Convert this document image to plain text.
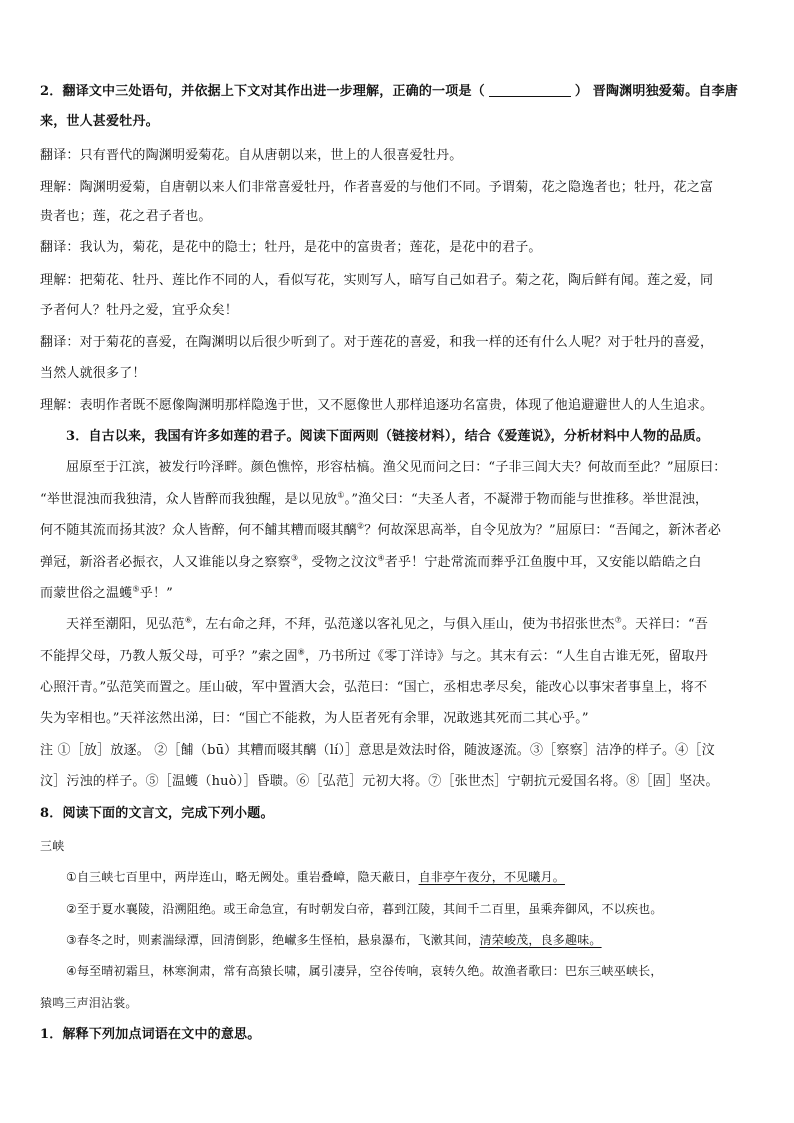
2．翻译文中三处语句，并依据上下文对其作出进一步理解，正确的一项是（	） 晋陶渊明独爱菊。自李唐
来，世人甚爱牡丹。
翻译：只有晋代的陶渊明爱菊花。自从唐朝以来，世上的人很喜爱牡丹。
理解：陶渊明爱菊，自唐朝以来人们非常喜爱牡丹，作者喜爱的与他们不同。予谓菊，花之隐逸者也；牡丹，花之富
贵者也；莲，花之君子者也。
翻译：我认为，菊花，是花中的隐士；牡丹，是花中的富贵者；莲花，是花中的君子。
理解：把菊花、牡丹、莲比作不同的人，看似写花，实则写人，暗写自己如君子。菊之花，陶后鲜有闻。莲之爱，同
予者何人？牡丹之爱，宜乎众矣！
翻译：对于菊花的喜爱，在陶渊明以后很少听到了。对于莲花的喜爱，和我一样的还有什么人呢？对于牡丹的喜爱，
当然人就很多了！
理解：表明作者既不愿像陶渊明那样隐逸于世，又不愿像世人那样追逐功名富贵，体现了他追避避世人的人生追求。
3．自古以来，我国有许多如莲的君子。阅读下面两则（链接材料），结合《爱莲说》，分析材料中人物的品质。
屈原至于江滨，被发行吟泽畔。颜色憔悴，形容枯槁。渔父见而问之曰：“子非三闾大夫？何故而至此？”屈原曰：
“举世混浊而我独清，众人皆醉而我独醒，是以见放①。”渔父曰：“夫圣人者，不凝滞于物而能与世推移。举世混浊，
何不随其流而扬其波？众人皆醉，何不餔其糟而啜其醨②？何故深思高举，自令见放为？”屈原曰：“吾闻之，新沐者必
弹冠，新浴者必振衣，人又谁能以身之察察③，受物之汶汶④者乎！宁赴常流而葬乎江鱼腹中耳，又安能以皓皓之白
而蒙世俗之温蠖⑤乎！”
天祥至潮阳，见弘范⑥，左右命之拜，不拜，弘范遂以客礼见之，与俱入厓山，使为书招张世杰⑦。天祥曰：“吾
不能捍父母，乃教人叛父母，可乎？”索之固⑧，乃书所过《零丁洋诗》与之。其末有云：“人生自古谁无死，留取丹
心照汗青。”弘范笑而置之。厓山破，军中置酒大会，弘范曰：“国亡，丞相忠孝尽矣，能改心以事宋者事皇上，将不
失为宰相也。”天祥泫然出涕，曰：“国亡不能救，为人臣者死有余罪，况敢逃其死而二其心乎。”
注 ①［放］放逐。 ②［餔（bū）其糟而啜其醨（lí）］意思是效法时俗，随波逐流。③［察察］洁净的样子。④［汶
汶］污浊的样子。⑤［温蠖（huò）］昏聩。⑥［弘范］元初大将。⑦［张世杰］宁朝抗元爱国名将。⑧［固］坚决。
8．阅读下面的文言文，完成下列小题。
三峡
①自三峡七百里中，两岸连山，略无阙处。重岩叠嶂，隐天蔽日，自非亭午夜分，不见曦月。
②至于夏水襄陵，沿溯阻绝。或王命急宣，有时朝发白帝，暮到江陵，其间千二百里，虽乘奔御风，不以疾也。
③春冬之时，则素湍绿潭，回清倒影，绝𪩘多生怪柏，悬泉瀑布，飞漱其间，清荣峻茂，良多趣味。
④每至晴初霜旦，林寒涧肃，常有高猿长啸，属引凄异，空谷传响，哀转久绝。故渔者歌曰：巴东三峡巫峡长，
猿鸣三声泪沾裳。
1．解释下列加点词语在文中的意思。
